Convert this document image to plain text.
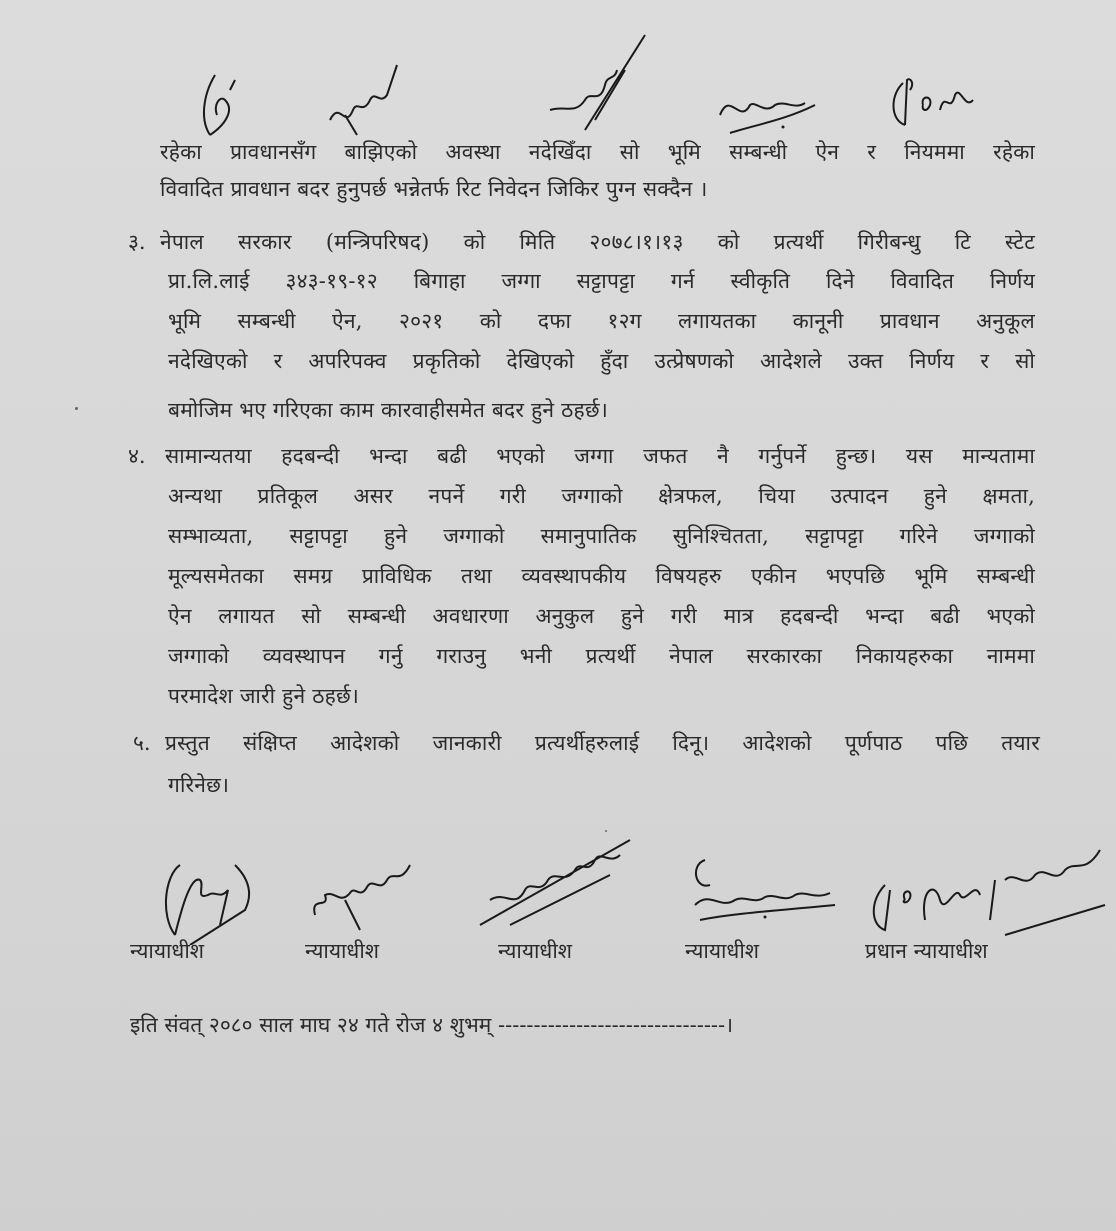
रहेका प्रावधानसँग बाझिएको अवस्था नदेखिँदा सो भूमि सम्बन्धी ऐन र नियममा रहेका
विवादित प्रावधान बदर हुनुपर्छ भन्नेतर्फ रिट निवेदन जिकिर पुग्न सक्दैन ।
३. नेपाल सरकार (मन्त्रिपरिषद) को मिति २०७८।१।१३ को प्रत्यर्थी गिरीबन्धु टि स्टेट
प्रा.लि.लाई ३४३-१९-१२ बिगाहा जग्गा सट्टापट्टा गर्न स्वीकृति दिने विवादित निर्णय
भूमि सम्बन्धी ऐन, २०२१ को दफा १२ग लगायतका कानूनी प्रावधान अनुकूल
नदेखिएको र अपरिपक्व प्रकृतिको देखिएको हुँदा उत्प्रेषणको आदेशले उक्त निर्णय र सो
बमोजिम भए गरिएका काम कारवाहीसमेत बदर हुने ठहर्छ।
४. सामान्यतया हदबन्दी भन्दा बढी भएको जग्गा जफत नै गर्नुपर्ने हुन्छ। यस मान्यतामा
अन्यथा प्रतिकूल असर नपर्ने गरी जग्गाको क्षेत्रफल, चिया उत्पादन हुने क्षमता,
सम्भाव्यता, सट्टापट्टा हुने जग्गाको समानुपातिक सुनिश्चितता, सट्टापट्टा गरिने जग्गाको
मूल्यसमेतका समग्र प्राविधिक तथा व्यवस्थापकीय विषयहरु एकीन भएपछि भूमि सम्बन्धी
ऐन लगायत सो सम्बन्धी अवधारणा अनुकुल हुने गरी मात्र हदबन्दी भन्दा बढी भएको
जग्गाको व्यवस्थापन गर्नु गराउनु भनी प्रत्यर्थी नेपाल सरकारका निकायहरुका नाममा
परमादेश जारी हुने ठहर्छ।
५. प्रस्तुत संक्षिप्त आदेशको जानकारी प्रत्यर्थीहरुलाई दिनू। आदेशको पूर्णपाठ पछि तयार
गरिनेछ।
न्यायाधीश	न्यायाधीश	न्यायाधीश	न्यायाधीश	प्रधान न्यायाधीश
इति संवत् २०८० साल माघ २४ गते रोज ४ शुभम् --------------------------------।
